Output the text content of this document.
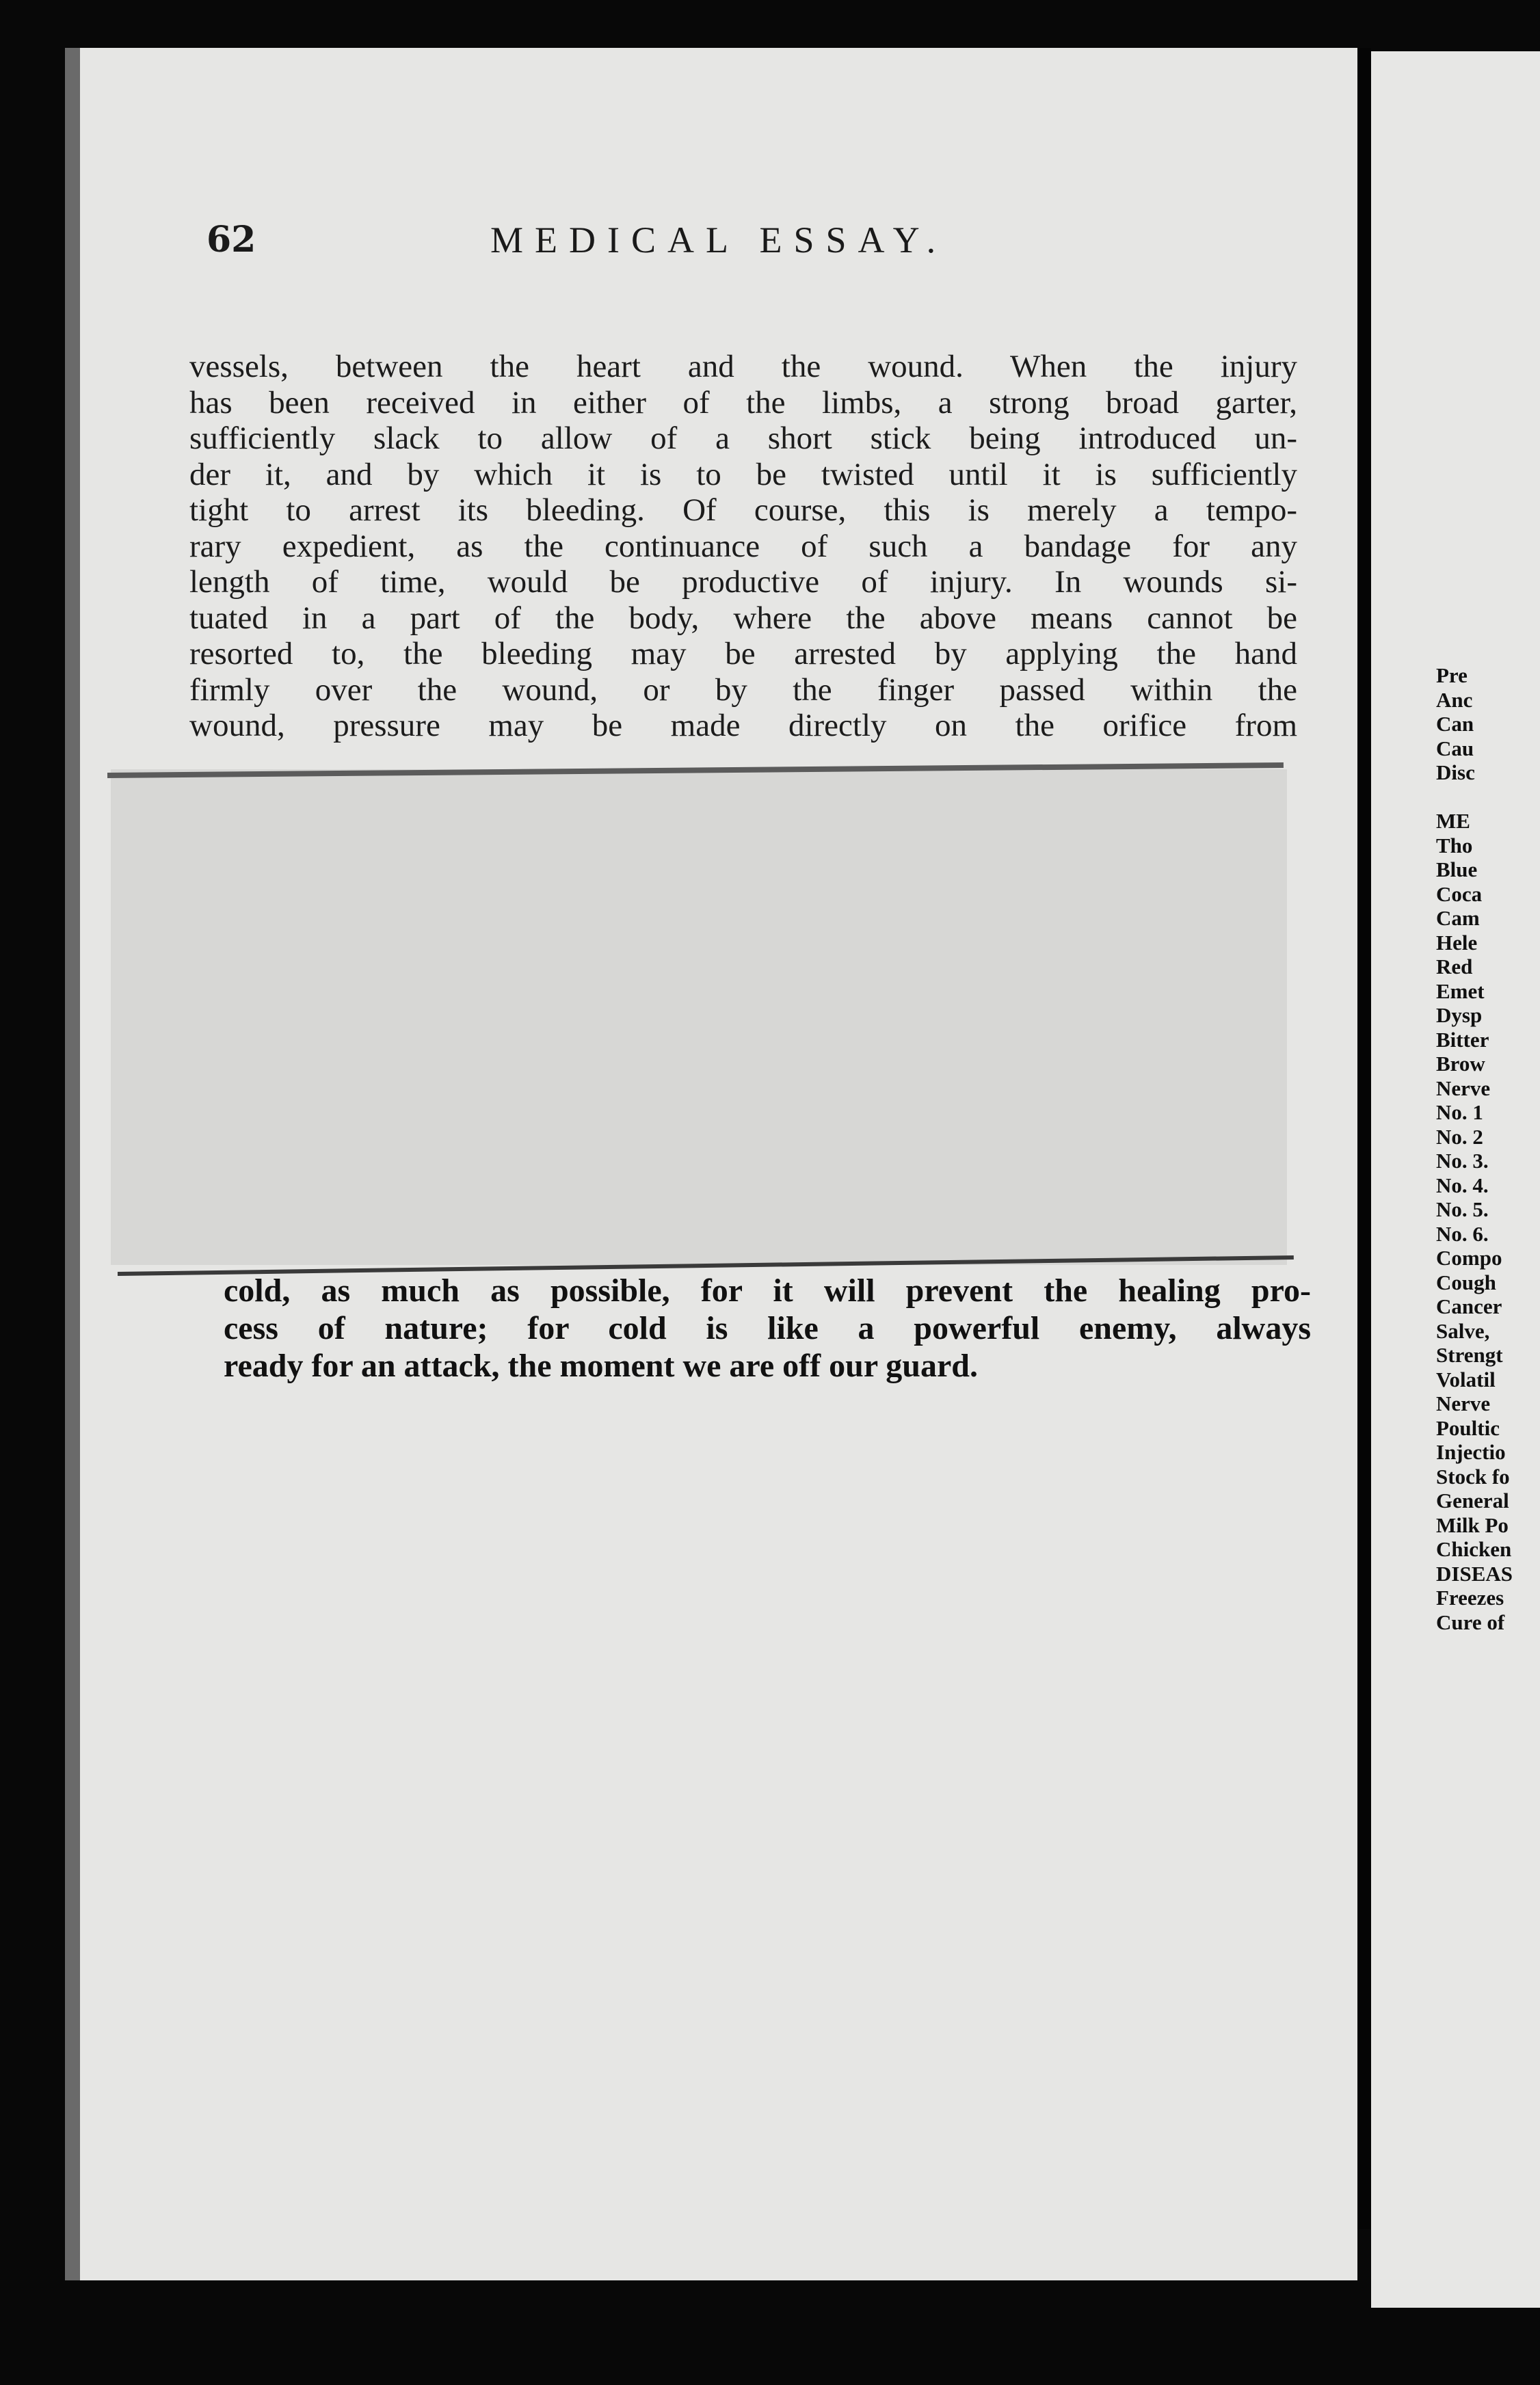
62	MEDICAL ESSAY.
vessels, between the heart and the wound. When the injury
has been received in either of the limbs, a strong broad garter,
sufficiently slack to allow of a short stick being introduced un-
der it, and by which it is to be twisted until it is sufficiently
tight to arrest its bleeding. Of course, this is merely a tempo-
rary expedient, as the continuance of such a bandage for any
length of time, would be productive of injury. In wounds si-
tuated in a part of the body, where the above means cannot be
resorted to, the bleeding may be arrested by applying the hand
firmly over the wound, or by the finger passed within the
wound, pressure may be made directly on the orifice from
cold, as much as possible, for it will prevent the healing pro-
cess of nature; for cold is like a powerful enemy, always
ready for an attack, the moment we are off our guard.
Pre
Anc
Can
Cau
Disc
ME
Tho
Blue
Coca
Cam
Hele
Red
Emet
Dysp
Bitter
Brow
Nerve
No. 1
No. 2
No. 3.
No. 4.
No. 5.
No. 6.
Compo
Cough
Cancer
Salve,
Strengt
Volatil
Nerve
Poultic
Injectio
Stock fo
General
Milk Po
Chicken
DISEAS
Freezes
Cure of
